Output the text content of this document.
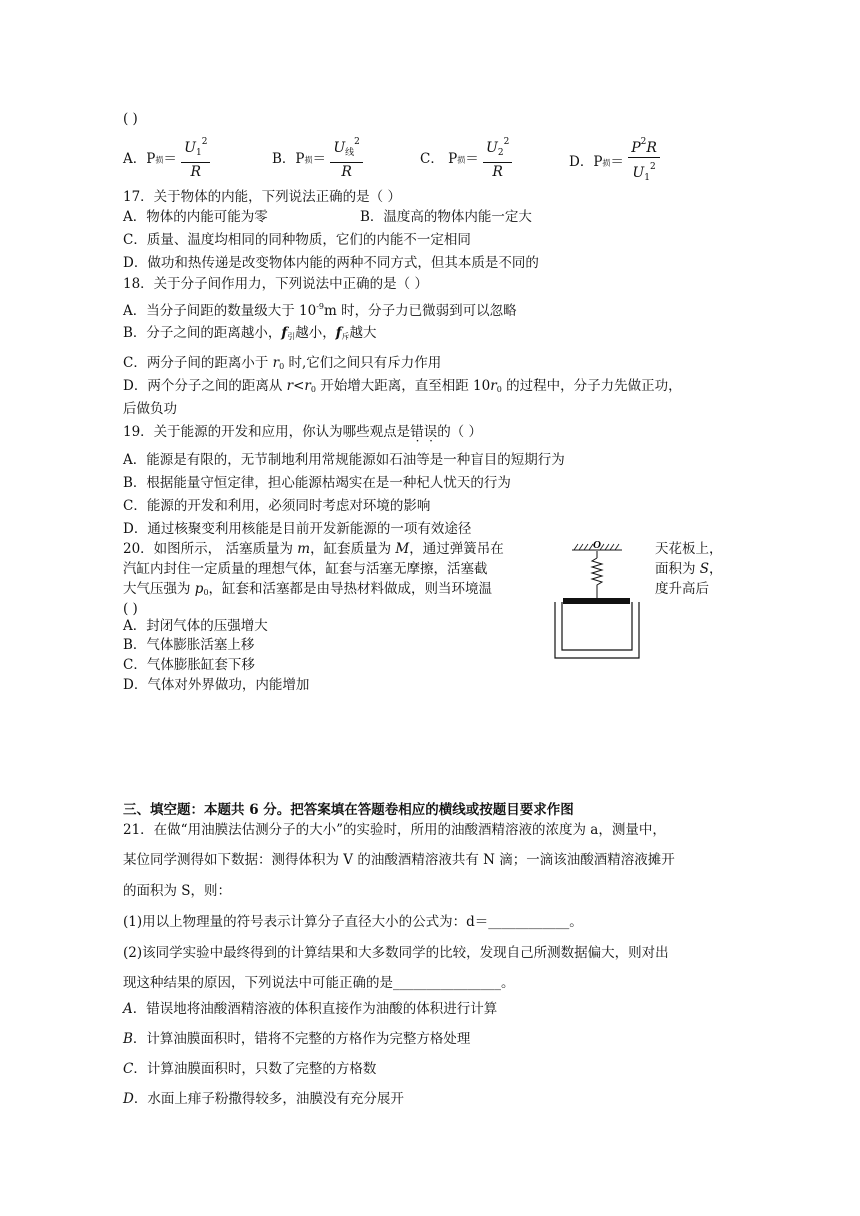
( )
A．$P_损= \frac{U_1^2}{R}$	B．$P_损= \frac{U_线^2}{R}$	C． $P_损= \frac{U_2^2}{R}$	D．$P_损= \frac{P^2R}{U_1^2}$
17．关于物体的内能，下列说法正确的是（ ）
A．物体的内能可能为零	B．温度高的物体内能一定大
C．质量、温度均相同的同种物质，它们的内能不一定相同
D．做功和热传递是改变物体内能的两种不同方式，但其本质是不同的
18．关于分子间作用力，下列说法中正确的是（ ）
A．当分子间距的数量级大于 $10^{-9}m$ 时，分子力已微弱到可以忽略
B．分子之间的距离越小，$f_引$越小，$f_斥$越大
C．两分子间的距离小于 $r_0$ 时,它们之间只有斥力作用
D．两个分子之间的距离从 $r<r_0$ 开始增大距离，直至相距 $10r_0$ 的过程中，分子力先做正功，
后做负功
19．关于能源的开发和应用，你认为哪些观点是错误的（ ）
A．能源是有限的，无节制地利用常规能源如石油等是一种盲目的短期行为
B．根据能量守恒定律，担心能源枯竭实在是一种杞人忧天的行为
C．能源的开发和利用，必须同时考虑对环境的影响
D．通过核聚变利用核能是目前开发新能源的一项有效途径
20．如图所示， 活塞质量为 m，缸套质量为 M，通过弹簧吊在	天花板上，
汽缸内封住一定质量的理想气体，缸套与活塞无摩擦，活塞截	面积为 S，
大气压强为 $p_0$，缸套和活塞都是由导热材料做成，则当环境温	度升高后
( )
A．封闭气体的压强增大
B．气体膨胀活塞上移
C．气体膨胀缸套下移
D．气体对外界做功，内能增加
O
三、填空题：本题共 6 分。把答案填在答题卷相应的横线或按题目要求作图
21．在做“用油膜法估测分子的大小”的实验时，所用的油酸酒精溶液的浓度为 a，测量中，
某位同学测得如下数据：测得体积为 V 的油酸酒精溶液共有 N 滴；一滴该油酸酒精溶液摊开
的面积为 S，则：
(1)用以上物理量的符号表示计算分子直径大小的公式为：d＝____________。
(2)该同学实验中最终得到的计算结果和大多数同学的比较，发现自己所测数据偏大，则对出
现这种结果的原因，下列说法中可能正确的是________________。
A．错误地将油酸酒精溶液的体积直接作为油酸的体积进行计算
B．计算油膜面积时，错将不完整的方格作为完整方格处理
C．计算油膜面积时，只数了完整的方格数
D．水面上痱子粉撒得较多，油膜没有充分展开
